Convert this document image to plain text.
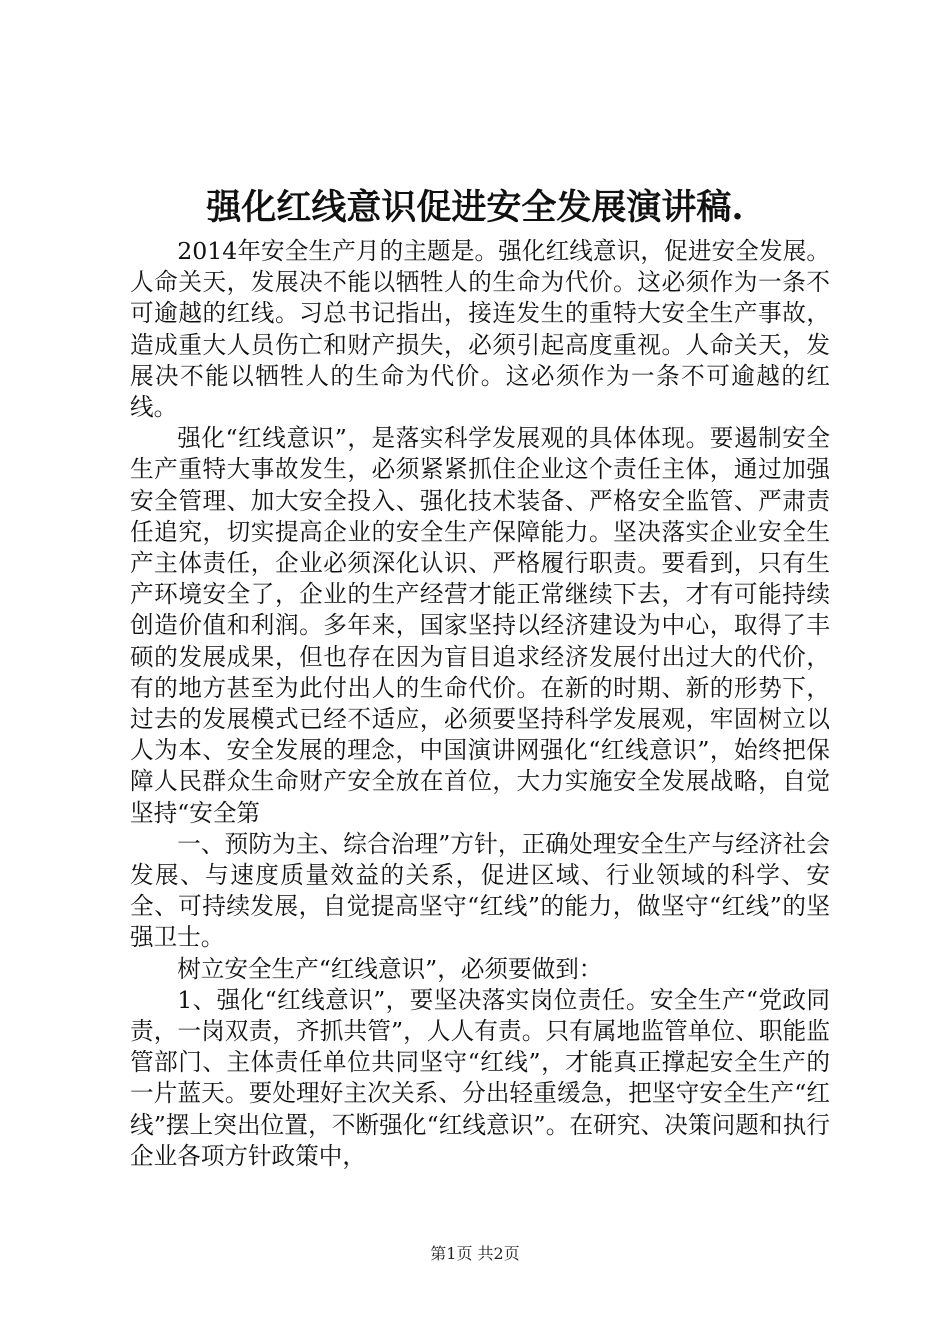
强化红线意识促进安全发展演讲稿.

2014年安全生产月的主题是。强化红线意识，促进安全发展。人命关天，发展决不能以牺牲人的生命为代价。这必须作为一条不可逾越的红线。习总书记指出，接连发生的重特大安全生产事故，造成重大人员伤亡和财产损失，必须引起高度重视。人命关天，发展决不能以牺牲人的生命为代价。这必须作为一条不可逾越的红线。

强化“红线意识”，是落实科学发展观的具体体现。要遏制安全生产重特大事故发生，必须紧紧抓住企业这个责任主体，通过加强安全管理、加大安全投入、强化技术装备、严格安全监管、严肃责任追究，切实提高企业的安全生产保障能力。坚决落实企业安全生产主体责任，企业必须深化认识、严格履行职责。要看到，只有生产环境安全了，企业的生产经营才能正常继续下去，才有可能持续创造价值和利润。多年来，国家坚持以经济建设为中心，取得了丰硕的发展成果，但也存在因为盲目追求经济发展付出过大的代价，有的地方甚至为此付出人的生命代价。在新的时期、新的形势下，过去的发展模式已经不适应，必须要坚持科学发展观，牢固树立以人为本、安全发展的理念，中国演讲网强化“红线意识”，始终把保障人民群众生命财产安全放在首位，大力实施安全发展战略，自觉坚持“安全第

一、预防为主、综合治理”方针，正确处理安全生产与经济社会发展、与速度质量效益的关系，促进区域、行业领域的科学、安全、可持续发展，自觉提高坚守“红线”的能力，做坚守“红线”的坚强卫士。

树立安全生产“红线意识”，必须要做到：

1、强化“红线意识”，要坚决落实岗位责任。安全生产“党政同责，一岗双责，齐抓共管”，人人有责。只有属地监管单位、职能监管部门、主体责任单位共同坚守“红线”，才能真正撑起安全生产的一片蓝天。要处理好主次关系、分出轻重缓急，把坚守安全生产“红线”摆上突出位置，不断强化“红线意识”。在研究、决策问题和执行企业各项方针政策中，

第1页 共2页
